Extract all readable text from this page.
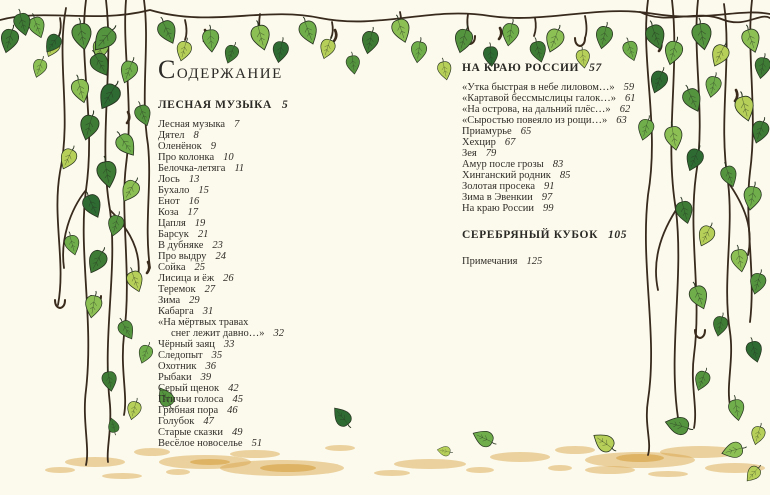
СОДЕРЖАНИЕ
ЛЕСНАЯ МУЗЫКА 5
Лесная музыка 7
Дятел 8
Оленёнок 9
Про колонка 10
Белочка-летяга 11
Лось 13
Бухало 15
Енот 16
Коза 17
Цапля 19
Барсук 21
В дубняке 23
Про выдру 24
Сойка 25
Лисица и ёж 26
Теремок 27
Зима 29
Кабарга 31
«На мёртвых травах
снег лежит давно…» 32
Чёрный заяц 33
Следопыт 35
Охотник 36
Рыбаки 39
Серый щенок 42
Птичьи голоса 45
Грибная пора 46
Голубок 47
Старые сказки 49
Весёлое новоселье 51
НА КРАЮ РОССИИ 57
«Утка быстрая в небе лиловом…» 59
«Картавой бессмыслицы галок…» 61
«На острова, на дальний плёс…» 62
«Сыростью повеяло из рощи…» 63
Приамурье 65
Хехцир 67
Зея 79
Амур после грозы 83
Хинганский родник 85
Золотая просека 91
Зима в Эвенкии 97
На краю России 99
СЕРЕБРЯНЫЙ КУБОК 105
Примечания 125
